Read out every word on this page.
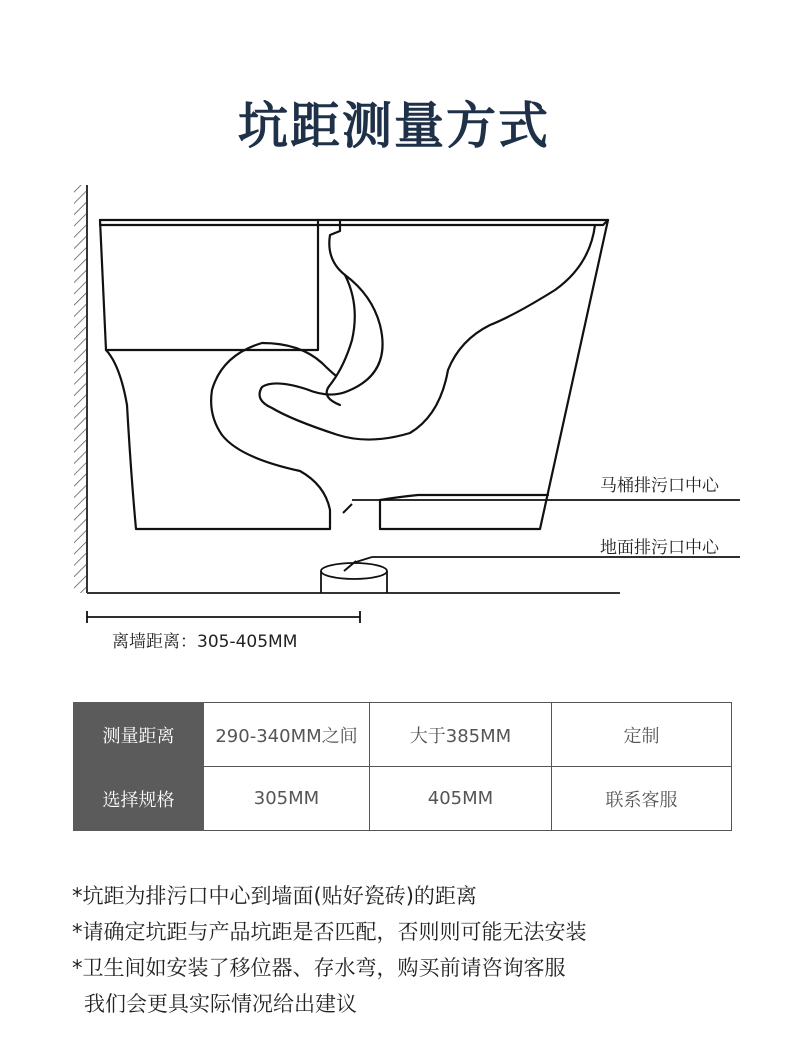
坑距测量方式
马桶排污口中心
地面排污口中心
离墙距离：305-405MM
测量距离	290-340MM之间	大于385MM	定制
选择规格	305MM	405MM	联系客服
*坑距为排污口中心到墙面(贴好瓷砖)的距离
*请确定坑距与产品坑距是否匹配，否则则可能无法安装
*卫生间如安装了移位器、存水弯，购买前请咨询客服
我们会更具实际情况给出建议
